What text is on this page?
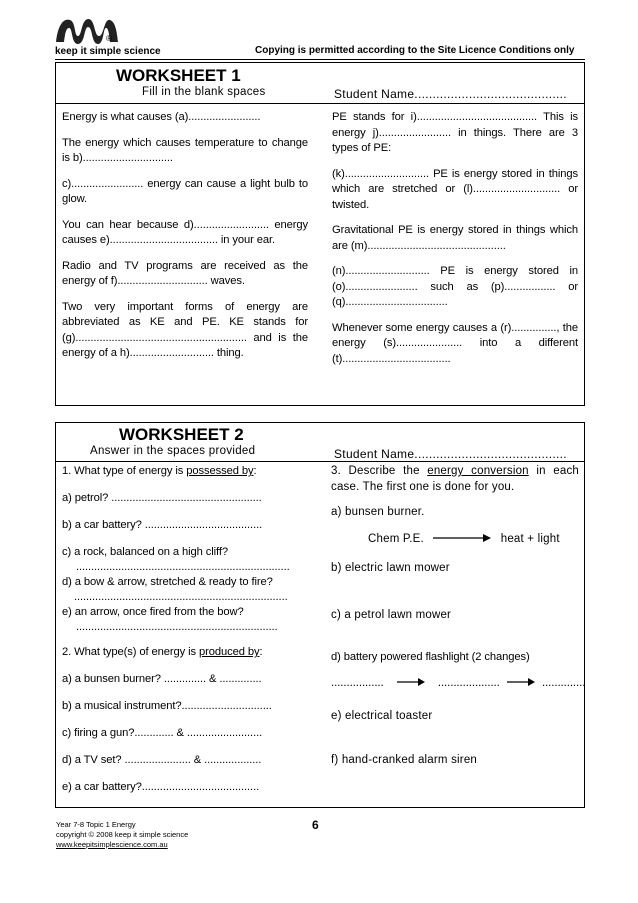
®
keep it simple science	Copying is permitted according to the Site Licence Conditions only
WORKSHEET 1
Fill in the blank spaces	Student Name..........................................

Energy is what causes (a)........................

The energy which causes temperature to change is b)..............................

c)........................ energy can cause a light bulb to glow.

You can hear because d)......................... energy causes e).................................... in your ear.

Radio and TV programs are received as the energy of f).............................. waves.

Two very important forms of energy are abbreviated as KE and PE. KE stands for (g)......................................................... and is the energy of a h)............................ thing.

PE stands for i)........................................ This is energy j)........................ in things. There are 3 types of PE:

(k)............................ PE is energy stored in things which are stretched or (l)............................. or twisted.

Gravitational PE is energy stored in things which are (m)..............................................

(n)............................ PE is energy stored in (o)........................ such as (p)................. or (q)..................................

Whenever some energy causes a (r)..............., the energy (s)...................... into a different (t)....................................

WORKSHEET 2
Answer in the spaces provided	Student Name..........................................
1. What type of energy is possessed by:
a) petrol? ..................................................
b) a car battery? .......................................
c) a rock, balanced on a high cliff?
.......................................................................
d) a bow & arrow, stretched & ready to fire?
.......................................................................
e) an arrow, once fired from the bow?
...................................................................
2. What type(s) of energy is produced by:
a) a bunsen burner? .............. & ..............
b) a musical instrument?..............................
c) firing a gun?............. & .........................
d) a TV set? ...................... & ...................
e) a car battery?.......................................
3. Describe the energy conversion in each case. The first one is done for you.
a) bunsen burner.
Chem P.E.	heat + light
b) electric lawn mower
c) a petrol lawn mower
d) battery powered flashlight (2 changes)
.................	....................	..............
e) electrical toaster
f) hand-cranked alarm siren
Year 7-8 Topic 1 Energy
copyright © 2008 keep it simple science
www.keepitsimplescience.com.au
6
